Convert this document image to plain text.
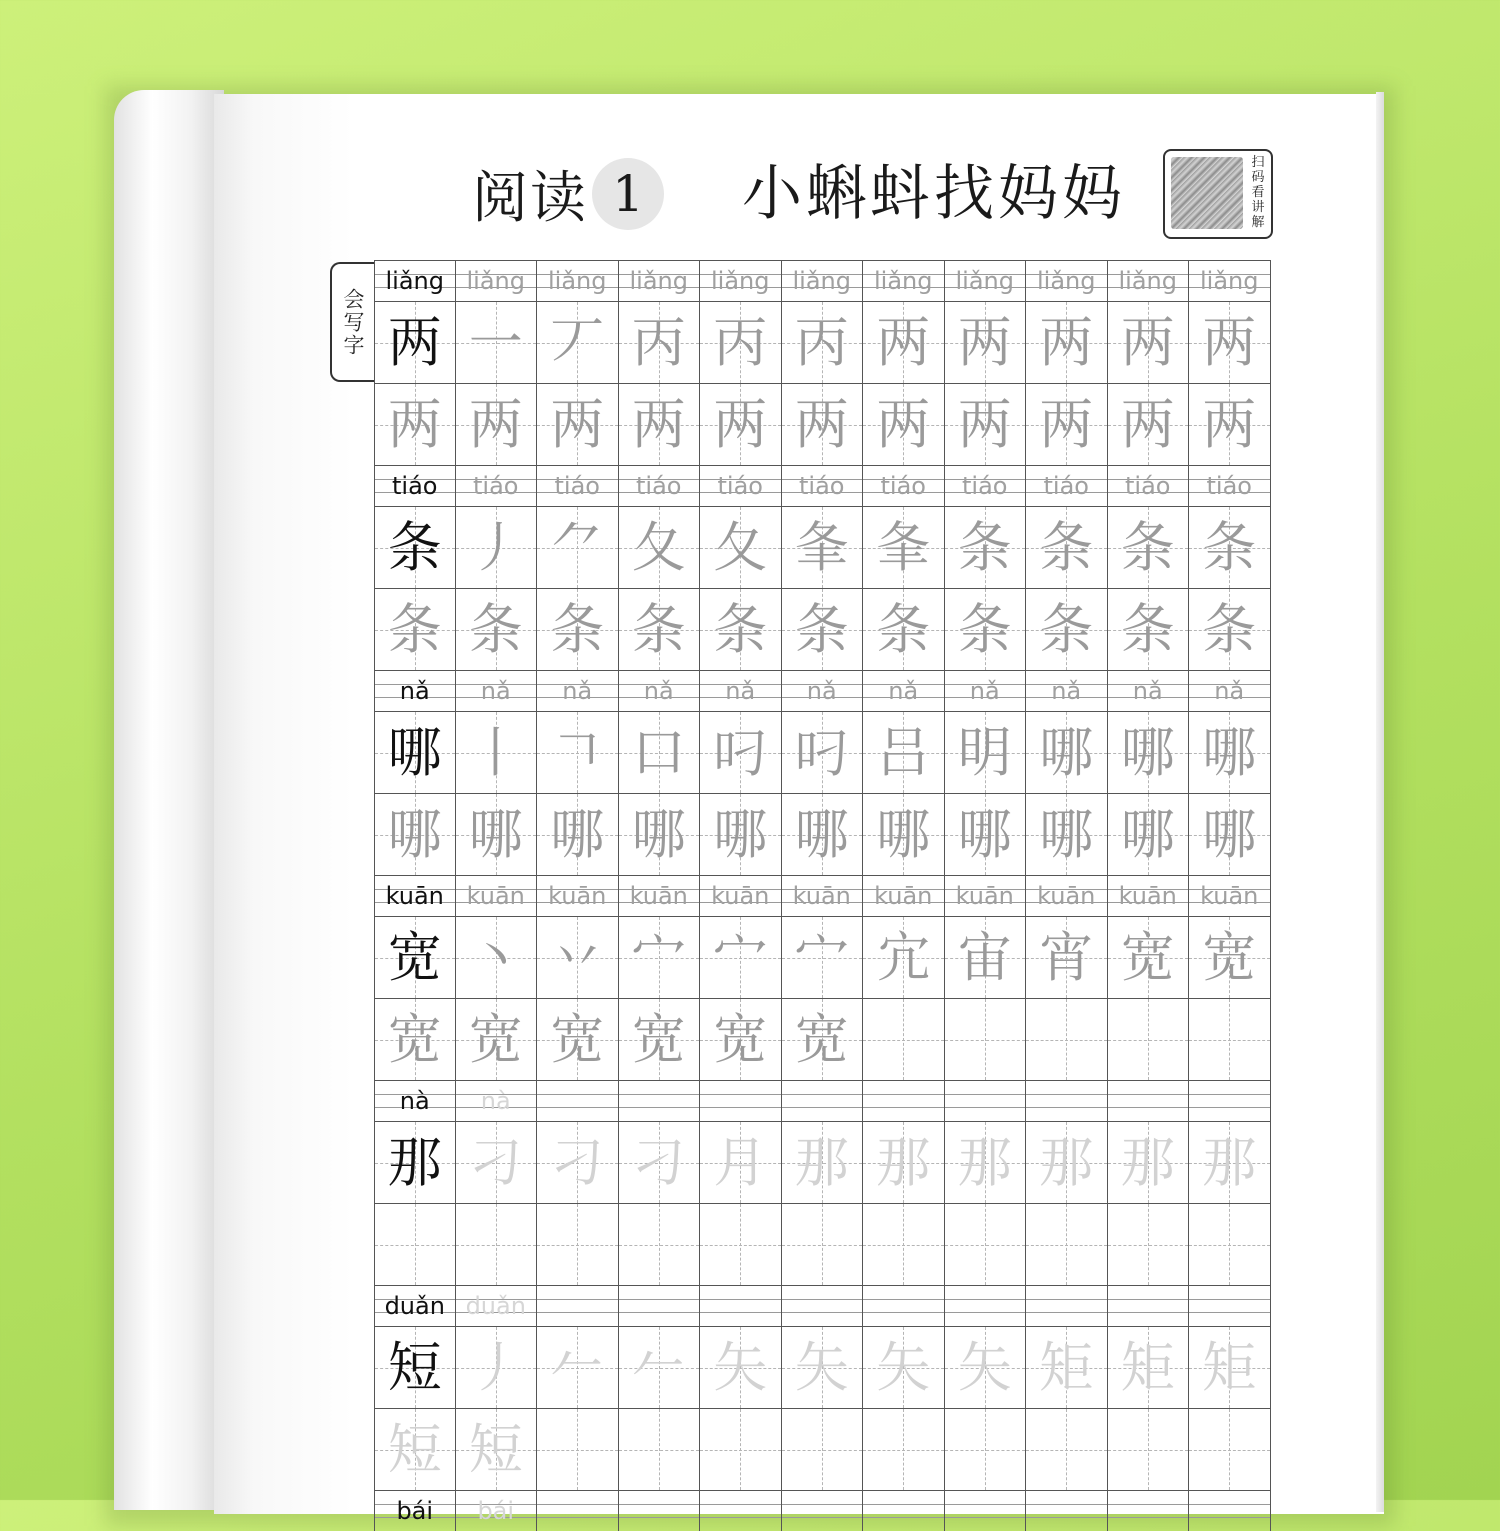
阅读 1	小蝌蚪找妈妈	扫码看讲解
会写字
liǎng liǎng liǎng liǎng liǎng liǎng liǎng liǎng liǎng liǎng liǎng
两 一 丆 丙 丙 丙 两 两 两 两 两
两 两 两 两 两 两 两 两 两 两 两
tiáo tiáo tiáo tiáo tiáo tiáo tiáo tiáo tiáo tiáo tiáo
条 丿 ⺈ 夂 夂 夆 夆 条 条 条 条
条 条 条 条 条 条 条 条 条 条 条
nǎ nǎ nǎ nǎ nǎ nǎ nǎ nǎ nǎ nǎ nǎ
哪 丨 𠃍 口 叼 叼 吕 明 哪 哪 哪
哪 哪 哪 哪 哪 哪 哪 哪 哪 哪 哪
kuān kuān kuān kuān kuān kuān kuān kuān kuān kuān kuān
宽 丶 丷 宀 宀 宀 宂 宙 宵 宽 宽
宽 宽 宽 宽 宽 宽
nà nà
那 刁 刁 刁 月 那 那 那 那 那 那
duǎn duǎn
短 丿 𠂉 𠂉 矢 矢 矢 矢 矩 矩 矩
短 短
bái bái
